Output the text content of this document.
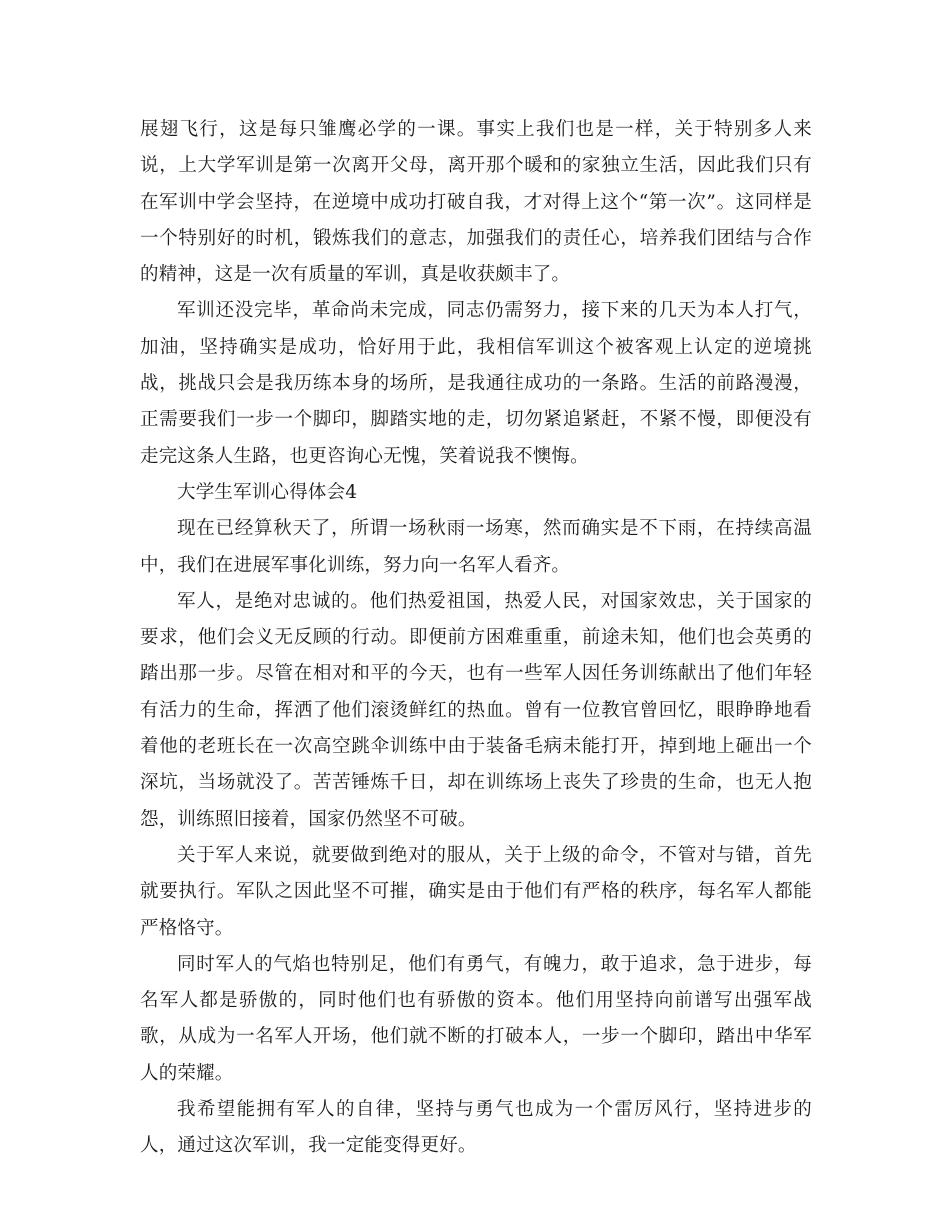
展翅飞行，这是每只雏鹰必学的一课。事实上我们也是一样，关于特别多人来说，上大学军训是第一次离开父母，离开那个暖和的家独立生活，因此我们只有在军训中学会坚持，在逆境中成功打破自我，才对得上这个“第一次”。这同样是一个特别好的时机，锻炼我们的意志，加强我们的责任心，培养我们团结与合作的精神，这是一次有质量的军训，真是收获颇丰了。

军训还没完毕，革命尚未完成，同志仍需努力，接下来的几天为本人打气，加油，坚持确实是成功，恰好用于此，我相信军训这个被客观上认定的逆境挑战，挑战只会是我历练本身的场所，是我通往成功的一条路。生活的前路漫漫，正需要我们一步一个脚印，脚踏实地的走，切勿紧追紧赶，不紧不慢，即便没有走完这条人生路，也更咨询心无愧，笑着说我不懊悔。

大学生军训心得体会4

现在已经算秋天了，所谓一场秋雨一场寒，然而确实是不下雨，在持续高温中，我们在进展军事化训练，努力向一名军人看齐。

军人，是绝对忠诚的。他们热爱祖国，热爱人民，对国家效忠，关于国家的要求，他们会义无反顾的行动。即便前方困难重重，前途未知，他们也会英勇的踏出那一步。尽管在相对和平的今天，也有一些军人因任务训练献出了他们年轻有活力的生命，挥洒了他们滚烫鲜红的热血。曾有一位教官曾回忆，眼睁睁地看着他的老班长在一次高空跳伞训练中由于装备毛病未能打开，掉到地上砸出一个深坑，当场就没了。苦苦锤炼千日，却在训练场上丧失了珍贵的生命，也无人抱怨，训练照旧接着，国家仍然坚不可破。

关于军人来说，就要做到绝对的服从，关于上级的命令，不管对与错，首先就要执行。军队之因此坚不可摧，确实是由于他们有严格的秩序，每名军人都能严格恪守。

同时军人的气焰也特别足，他们有勇气，有魄力，敢于追求，急于进步，每名军人都是骄傲的，同时他们也有骄傲的资本。他们用坚持向前谱写出强军战歌，从成为一名军人开场，他们就不断的打破本人，一步一个脚印，踏出中华军人的荣耀。

我希望能拥有军人的自律，坚持与勇气也成为一个雷厉风行，坚持进步的人，通过这次军训，我一定能变得更好。
